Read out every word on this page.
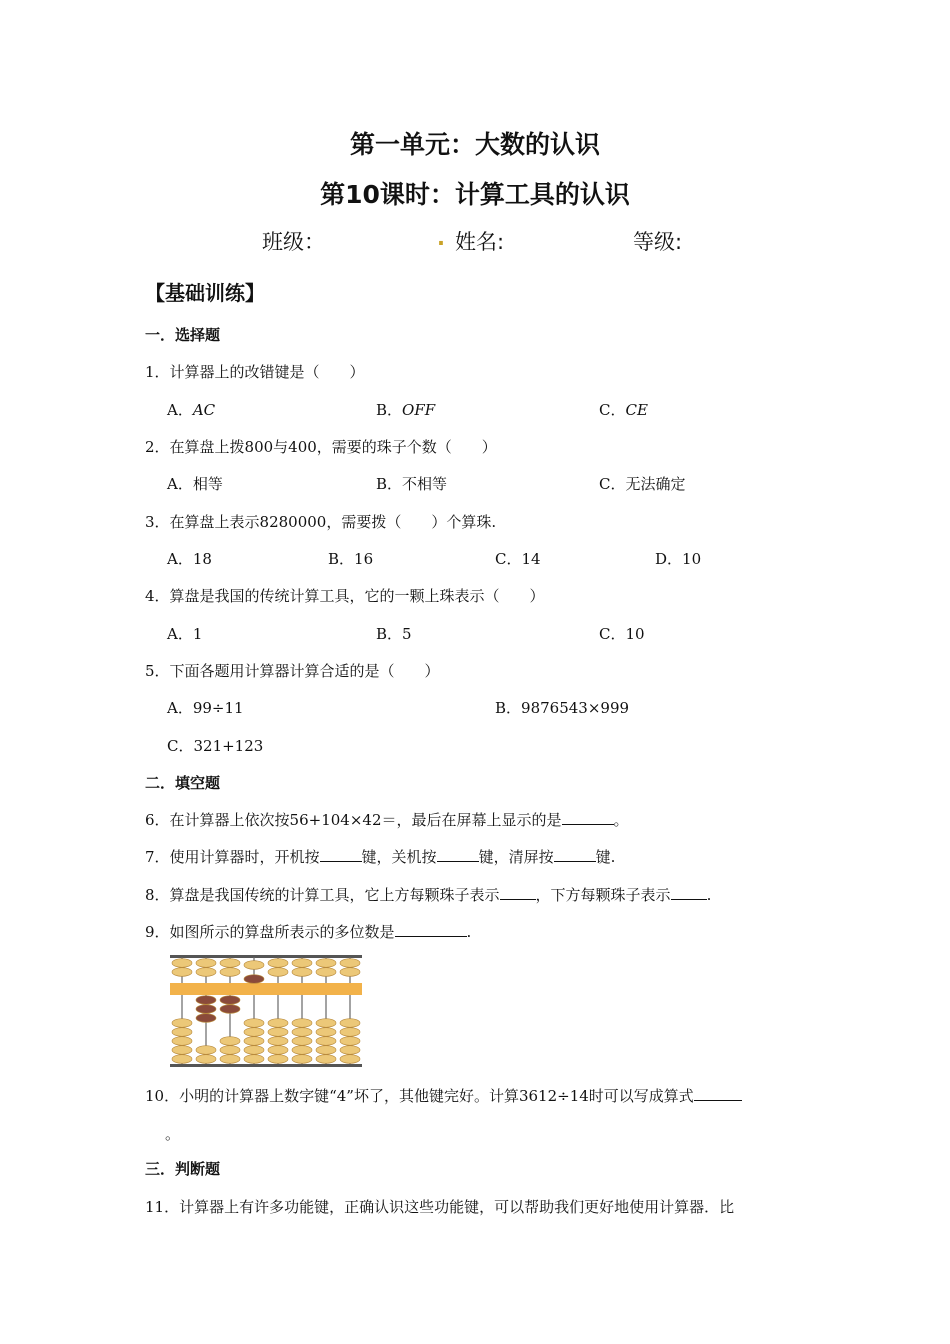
第一单元：大数的认识
第10课时：计算工具的认识
班级：	. 姓名:	等级:
【基础训练】
一．选择题
1．计算器上的改错键是（　　）
A．AC	B．OFF	C．CE
2．在算盘上拨800与400，需要的珠子个数（　　）
A．相等	B．不相等	C．无法确定
3．在算盘上表示8280000，需要拨（　　）个算珠.
A．18	B．16	C．14	D．10
4．算盘是我国的传统计算工具，它的一颗上珠表示（　　）
A．1	B．5	C．10
5．下面各题用计算器计算合适的是（　　）
A．99÷11	B．9876543×999
C．321+123
二．填空题
6．在计算器上依次按56+104×42＝，最后在屏幕上显示的是	。
7．使用计算器时，开机按	键，关机按	键，清屏按	键.
8．算盘是我国传统的计算工具，它上方每颗珠子表示 ，下方每颗珠子表示 .
9．如图所示的算盘所表示的多位数是	.
10．小明的计算器上数字键“4”坏了，其他键完好。计算3612÷14时可以写成算式
。
三．判断题
11．计算器上有许多功能键，正确认识这些功能键，可以帮助我们更好地使用计算器．比
